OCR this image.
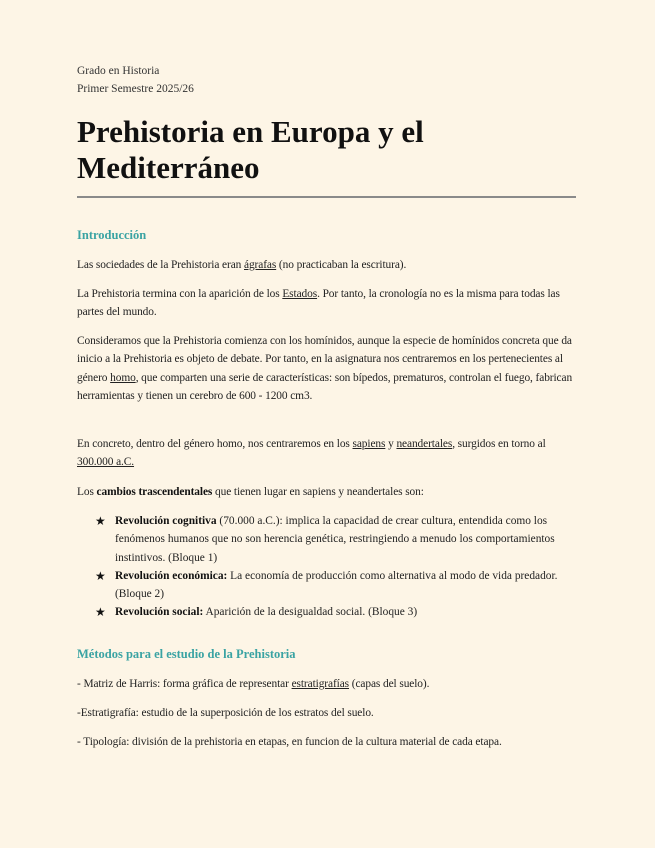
Grado en Historia
Primer Semestre 2025/26
Prehistoria en Europa y el Mediterráneo
Introducción

Las sociedades de la Prehistoria eran ágrafas (no practicaban la escritura).

La Prehistoria termina con la aparición de los Estados. Por tanto, la cronología no es la misma para todas las partes del mundo.

Consideramos que la Prehistoria comienza con los homínidos, aunque la especie de homínidos concreta que da inicio a la Prehistoria es objeto de debate. Por tanto, en la asignatura nos centraremos en los pertenecientes al género homo, que comparten una serie de características: son bípedos, prematuros, controlan el fuego, fabrican herramientas y tienen un cerebro de 600 - 1200 cm3.

En concreto, dentro del género homo, nos centraremos en los sapiens y neandertales, surgidos en torno al 300.000 a.C.

Los cambios trascendentales que tienen lugar en sapiens y neandertales son:

★ Revolución cognitiva (70.000 a.C.): implica la capacidad de crear cultura, entendida como los fenómenos humanos que no son herencia genética, restringiendo a menudo los comportamientos instintivos. (Bloque 1)
★ Revolución económica: La economía de producción como alternativa al modo de vida predador. (Bloque 2)
★ Revolución social: Aparición de la desigualdad social. (Bloque 3)
Métodos para el estudio de la Prehistoria

- Matriz de Harris: forma gráfica de representar estratigrafías (capas del suelo).

-Estratigrafía: estudio de la superposición de los estratos del suelo.

- Tipología: división de la prehistoria en etapas, en funcion de la cultura material de cada etapa.
